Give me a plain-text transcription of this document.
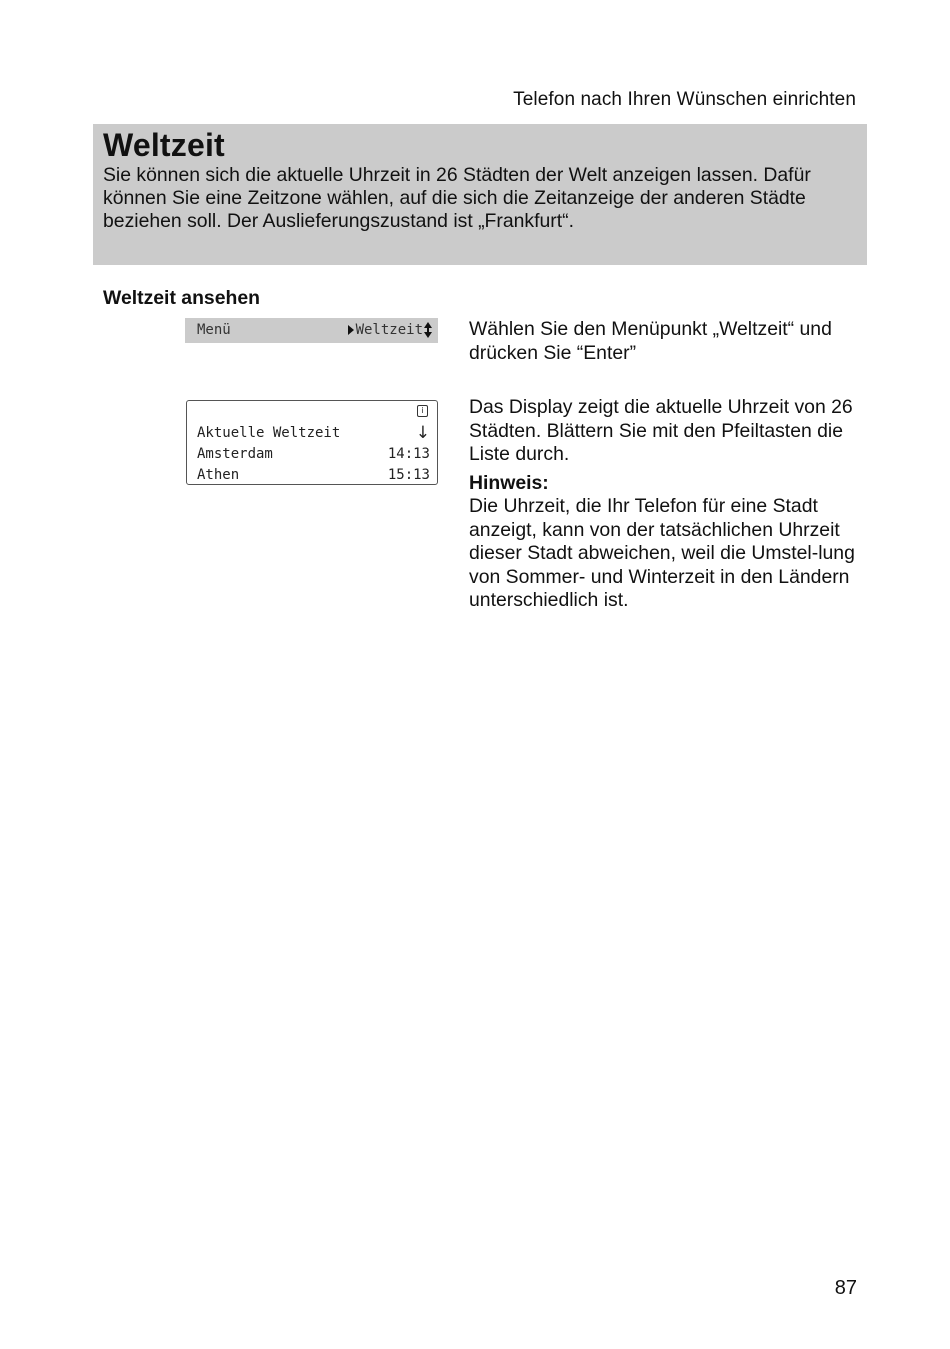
Telefon nach Ihren Wünschen einrichten
Weltzeit

Sie können sich die aktuelle Uhrzeit in 26 Städten der Welt anzeigen lassen. Dafür können Sie eine Zeitzone wählen, auf die sich die Zeitanzeige der anderen Städte beziehen soll. Der Auslieferungszustand ist „Frankfurt“.

Weltzeit ansehen
Menü	Weltzeit
i
Aktuelle Weltzeit	↓
Amsterdam	14:13
Athen	15:13
Wählen Sie den Menüpunkt „Weltzeit“ und drücken Sie “Enter”
Das Display zeigt die aktuelle Uhrzeit von 26 Städten. Blättern Sie mit den Pfeiltasten die Liste durch.
Hinweis:
Die Uhrzeit, die Ihr Telefon für eine Stadt anzeigt, kann von der tatsächlichen Uhrzeit dieser Stadt abweichen, weil die Umstel-lung von Sommer- und Winterzeit in den Ländern unterschiedlich ist.
87
